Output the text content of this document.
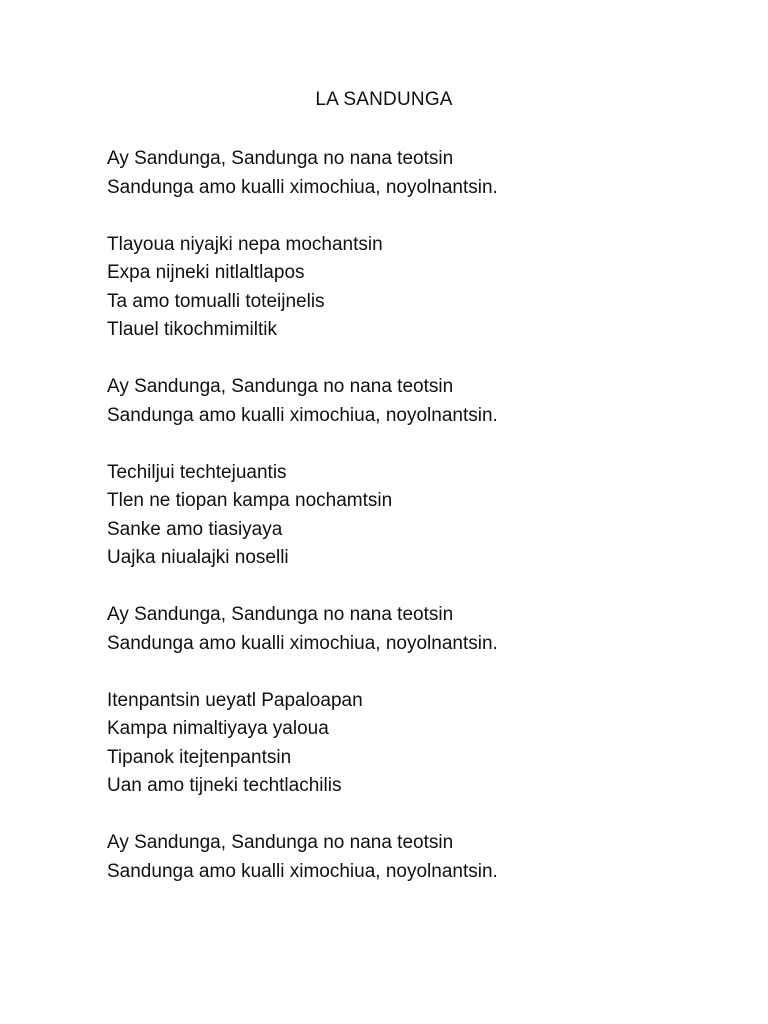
LA SANDUNGA
Ay Sandunga, Sandunga no nana teotsin
Sandunga amo kualli ximochiua, noyolnantsin.
Tlayoua niyajki nepa mochantsin
Expa nijneki nitlaltlapos
Ta amo tomualli toteijnelis
Tlauel tikochmimiltik
Ay Sandunga, Sandunga no nana teotsin
Sandunga amo kualli ximochiua, noyolnantsin.
Techiljui techtejuantis
Tlen ne tiopan kampa nochamtsin
Sanke amo tiasiyaya
Uajka niualajki noselli
Ay Sandunga, Sandunga no nana teotsin
Sandunga amo kualli ximochiua, noyolnantsin.
Itenpantsin ueyatl Papaloapan
Kampa nimaltiyaya yaloua
Tipanok itejtenpantsin
Uan amo tijneki techtlachilis
Ay Sandunga, Sandunga no nana teotsin
Sandunga amo kualli ximochiua, noyolnantsin.
